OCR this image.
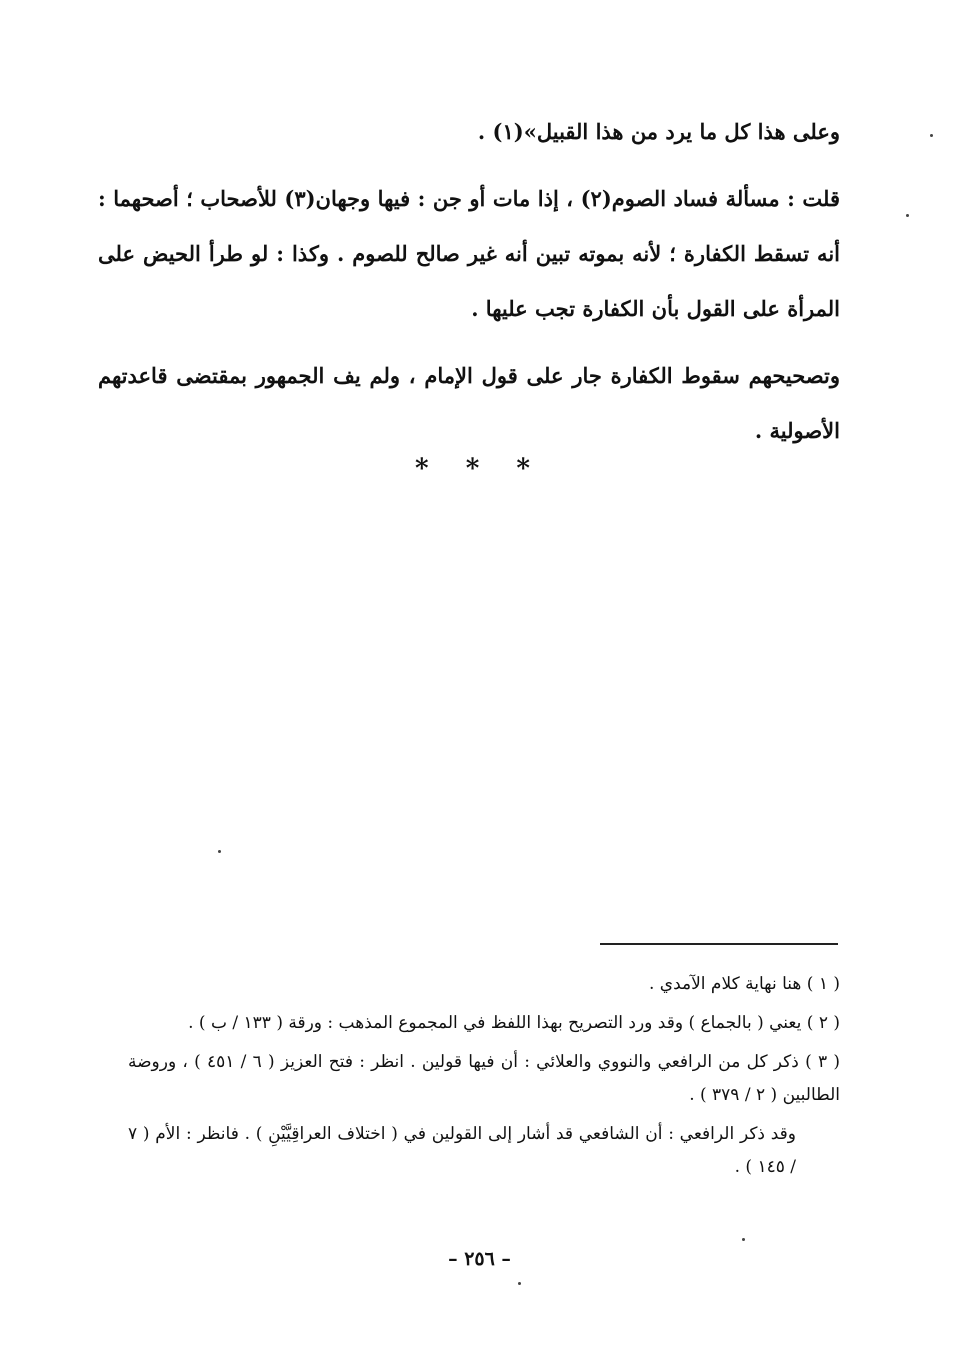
وعلى هذا كل ما يرد من هذا القبيل»(١) .

قلت : مسألة فساد الصوم(٢) ، إذا مات أو جن : فيها وجهان(٣) للأصحاب ؛ أصحهما : أنه تسقط الكفارة ؛ لأنه بموته تبين أنه غير صالح للصوم . وكذا : لو طرأ الحيض على المرأة على القول بأن الكفارة تجب عليها .

وتصحيحهم سقوط الكفارة جار على قول الإمام ، ولم يف الجمهور بمقتضى قاعدتهم الأصولية .

* * *

( ١ ) هنا نهاية كلام الآمدي .

( ٢ ) يعني ( بالجماع ) وقد ورد التصريح بهذا اللفظ في المجموع المذهب : ورقة ( ١٣٣ / ب ) .

( ٣ ) ذكر كل من الرافعي والنووي والعلائي : أن فيها قولين . انظر : فتح العزيز ( ٦ / ٤٥١ ) ، وروضة الطالبين ( ٢ / ٣٧٩ ) .

وقد ذكر الرافعي : أن الشافعي قد أشار إلى القولين في ( اختلاف العراقِيَّيْنِ ) . فانظر : الأم ( ٧ / ١٤٥ ) .

– ٢٥٦ –
